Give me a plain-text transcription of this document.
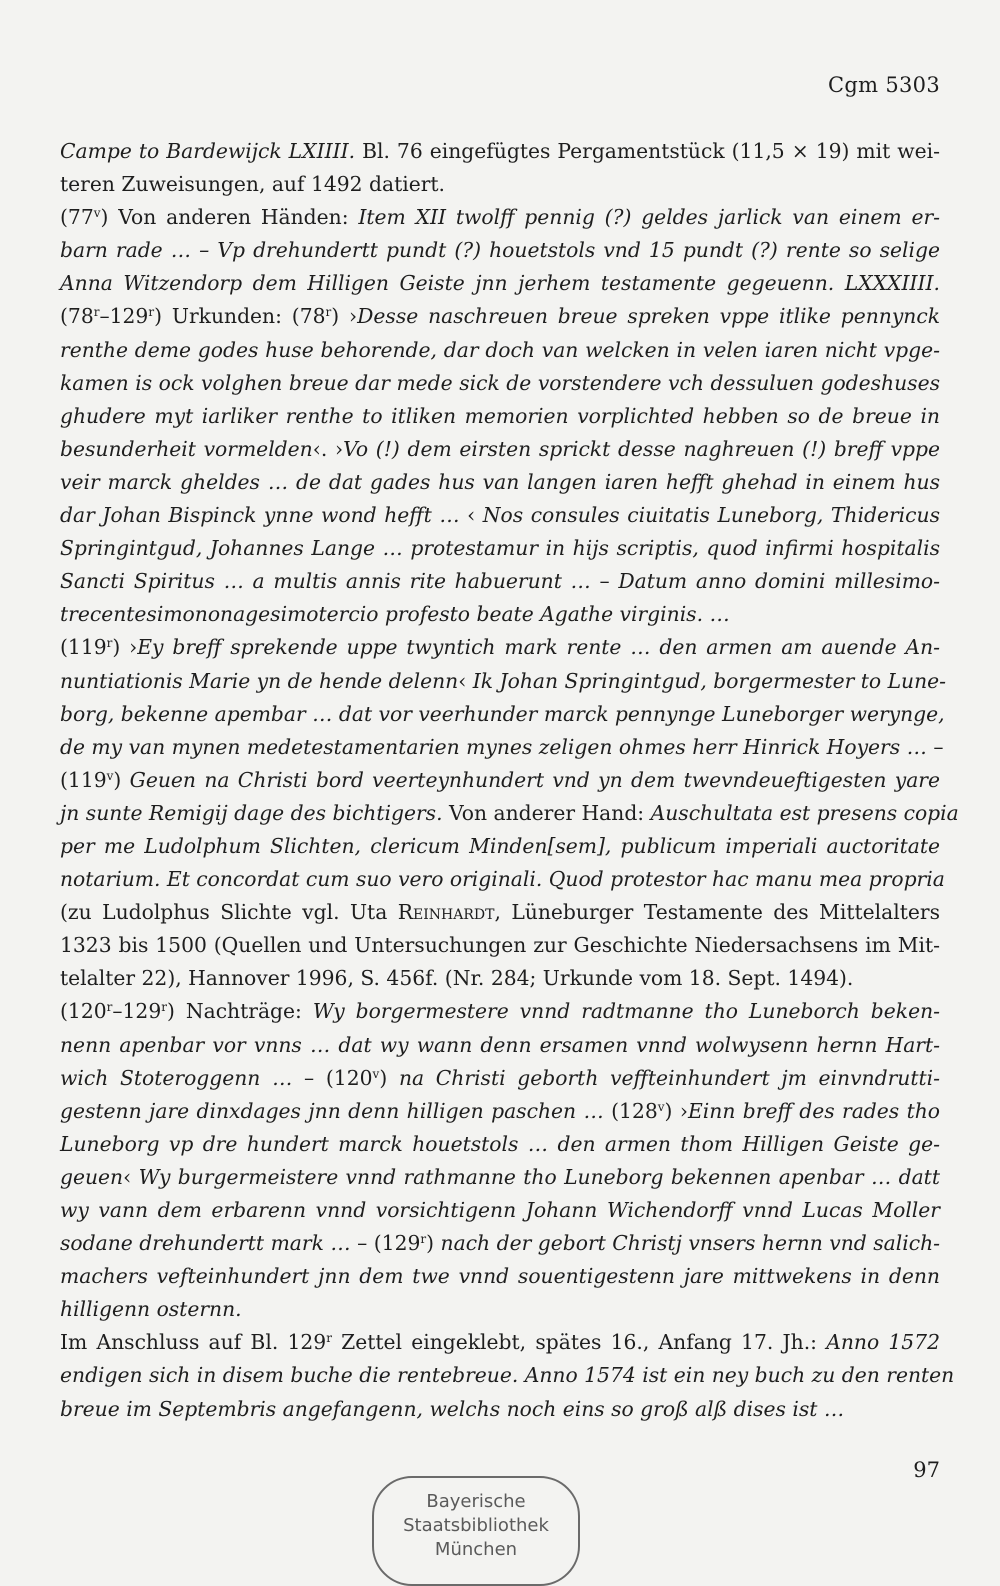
Cgm 5303
Campe to Bardewijck LXIIII. Bl. 76 eingefügtes Pergamentstück (11,5 × 19) mit wei-
teren Zuweisungen, auf 1492 datiert.
(77$^v$) Von anderen Händen: Item XII twolff pennig (?) geldes jarlick van einem er-
barn rade … – Vp drehundertt pundt (?) houetstols vnd 15 pundt (?) rente so selige
Anna Witzendorp dem Hilligen Geiste jnn jerhem testamente gegeuenn. LXXXIIII.
(78$^r$–129$^r$) Urkunden: (78$^r$) ›Desse naschreuen breue spreken vppe itlike pennynck
renthe deme godes huse behorende, dar doch van welcken in velen iaren nicht vpge-
kamen is ock volghen breue dar mede sick de vorstendere vch dessuluen godeshuses
ghudere myt iarliker renthe to itliken memorien vorplichted hebben so de breue in
besunderheit vormelden‹. ›Vo (!) dem eirsten sprickt desse naghreuen (!) breff vppe
veir marck gheldes … de dat gades hus van langen iaren hefft ghehad in einem hus
dar Johan Bispinck ynne wond hefft … ‹ Nos consules ciuitatis Luneborg, Thidericus
Springintgud, Johannes Lange … protestamur in hijs scriptis, quod infirmi hospitalis
Sancti Spiritus … a multis annis rite habuerunt … – Datum anno domini millesimo-
trecentesimononagesimotercio profesto beate Agathe virginis. …
(119$^r$) ›Ey breff sprekende uppe twyntich mark rente … den armen am auende An-
nuntiationis Marie yn de hende delenn‹ Ik Johan Springintgud, borgermester to Lune-
borg, bekenne apembar … dat vor veerhunder marck pennynge Luneborger werynge,
de my van mynen medetestamentarien mynes zeligen ohmes herr Hinrick Hoyers … –
(119$^v$) Geuen na Christi bord veerteynhundert vnd yn dem twevndeueftigesten yare
jn sunte Remigij dage des bichtigers. Von anderer Hand: Auschultata est presens copia
per me Ludolphum Slichten, clericum Minden[sem], publicum imperiali auctoritate
notarium. Et concordat cum suo vero originali. Quod protestor hac manu mea propria
(zu Ludolphus Slichte vgl. Uta Reinhardt, Lüneburger Testamente des Mittelalters
1323 bis 1500 (Quellen und Untersuchungen zur Geschichte Niedersachsens im Mit-
telalter 22), Hannover 1996, S. 456f. (Nr. 284; Urkunde vom 18. Sept. 1494).
(120$^r$–129$^r$) Nachträge: Wy borgermestere vnnd radtmanne tho Luneborch beken-
nenn apenbar vor vnns … dat wy wann denn ersamen vnnd wolwysenn hernn Hart-
wich Stoteroggenn … – (120$^v$) na Christi geborth veffteinhundert jm einvndrutti-
gestenn jare dinxdages jnn denn hilligen paschen … (128$^v$) ›Einn breff des rades tho
Luneborg vp dre hundert marck houetstols … den armen thom Hilligen Geiste ge-
geuen‹ Wy burgermeistere vnnd rathmanne tho Luneborg bekennen apenbar … datt
wy vann dem erbarenn vnnd vorsichtigenn Johann Wichendorff vnnd Lucas Moller
sodane drehundertt mark … – (129$^r$) nach der gebort Christj vnsers hernn vnd salich-
machers vefteinhundert jnn dem twe vnnd souentigestenn jare mittwekens in denn
hilligenn osternn.
Im Anschluss auf Bl. 129$^r$ Zettel eingeklebt, spätes 16., Anfang 17. Jh.: Anno 1572
endigen sich in disem buche die rentebreue. Anno 1574 ist ein ney buch zu den renten
breue im Septembris angefangenn, welchs noch eins so groß alß dises ist …
97
Bayerische
Staatsbibliothek
München
